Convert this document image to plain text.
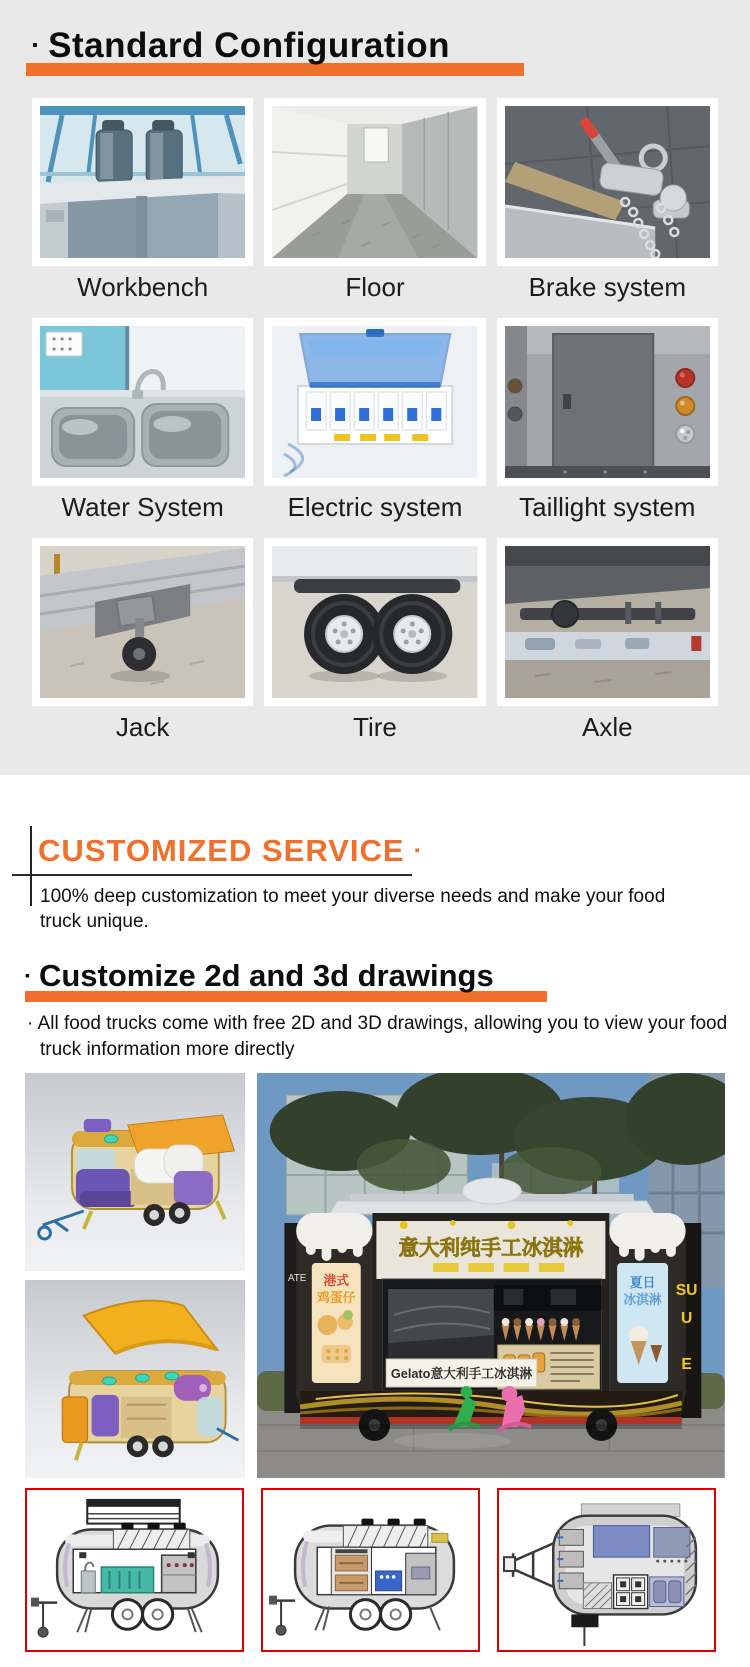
▪ Standard Configuration
Workbench	Floor	Brake system
Water System	Electric system	Taillight system
Jack	Tire	Axle
CUSTOMIZED SERVICE ▪
100% deep customization to meet your diverse needs and make your food truck unique.
▪ Customize 2d and 3d drawings
· All food trucks come with free 2D and 3D drawings, allowing you to view your food truck information more directly
ATE
SU
U
E
港式
鸡蛋仔
夏日
冰淇淋
意大利纯手工冰淇淋
Gelato意大利手工冰淇淋
